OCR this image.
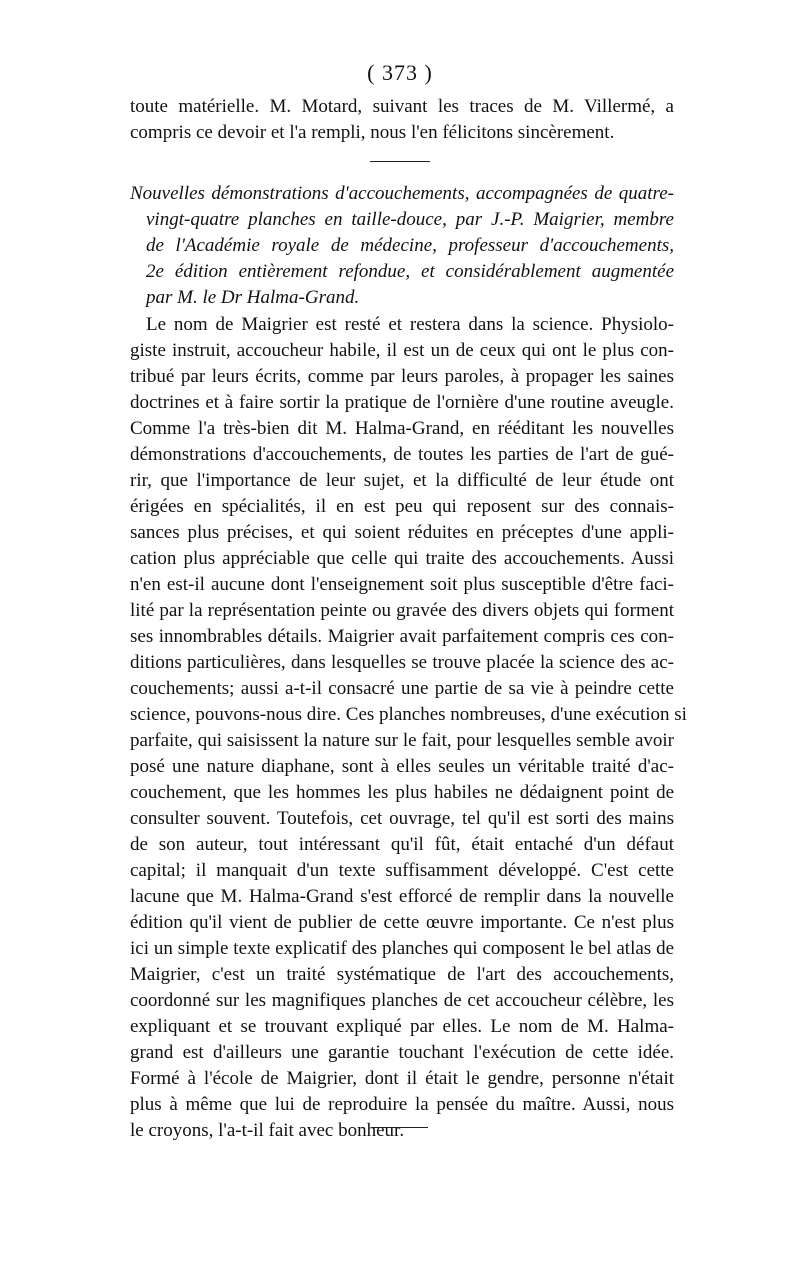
( 373 )
toute matérielle. M. Motard, suivant les traces de M. Villermé, a
compris ce devoir et l'a rempli, nous l'en félicitons sincèrement.
Nouvelles démonstrations d'accouchements, accompagnées de quatre-
vingt-quatre planches en taille-douce, par J.-P. Maigrier, membre
de l'Académie royale de médecine, professeur d'accouchements,
2e édition entièrement refondue, et considérablement augmentée
par M. le Dr Halma-Grand.
Le nom de Maigrier est resté et restera dans la science. Physiolo-
giste instruit, accoucheur habile, il est un de ceux qui ont le plus con-
tribué par leurs écrits, comme par leurs paroles, à propager les saines
doctrines et à faire sortir la pratique de l'ornière d'une routine aveugle.
Comme l'a très-bien dit M. Halma-Grand, en rééditant les nouvelles
démonstrations d'accouchements, de toutes les parties de l'art de gué-
rir, que l'importance de leur sujet, et la difficulté de leur étude ont
érigées en spécialités, il en est peu qui reposent sur des connais-
sances plus précises, et qui soient réduites en préceptes d'une appli-
cation plus appréciable que celle qui traite des accouchements. Aussi
n'en est-il aucune dont l'enseignement soit plus susceptible d'être faci-
lité par la représentation peinte ou gravée des divers objets qui forment
ses innombrables détails. Maigrier avait parfaitement compris ces con-
ditions particulières, dans lesquelles se trouve placée la science des ac-
couchements; aussi a-t-il consacré une partie de sa vie à peindre cette
science, pouvons-nous dire. Ces planches nombreuses, d'une exécution si
parfaite, qui saisissent la nature sur le fait, pour lesquelles semble avoir
posé une nature diaphane, sont à elles seules un véritable traité d'ac-
couchement, que les hommes les plus habiles ne dédaignent point de
consulter souvent. Toutefois, cet ouvrage, tel qu'il est sorti des mains
de son auteur, tout intéressant qu'il fût, était entaché d'un défaut
capital; il manquait d'un texte suffisamment développé. C'est cette
lacune que M. Halma-Grand s'est efforcé de remplir dans la nouvelle
édition qu'il vient de publier de cette œuvre importante. Ce n'est plus
ici un simple texte explicatif des planches qui composent le bel atlas de
Maigrier, c'est un traité systématique de l'art des accouchements,
coordonné sur les magnifiques planches de cet accoucheur célèbre, les
expliquant et se trouvant expliqué par elles. Le nom de M. Halma-
grand est d'ailleurs une garantie touchant l'exécution de cette idée.
Formé à l'école de Maigrier, dont il était le gendre, personne n'était
plus à même que lui de reproduire la pensée du maître. Aussi, nous
le croyons, l'a-t-il fait avec bonheur.
